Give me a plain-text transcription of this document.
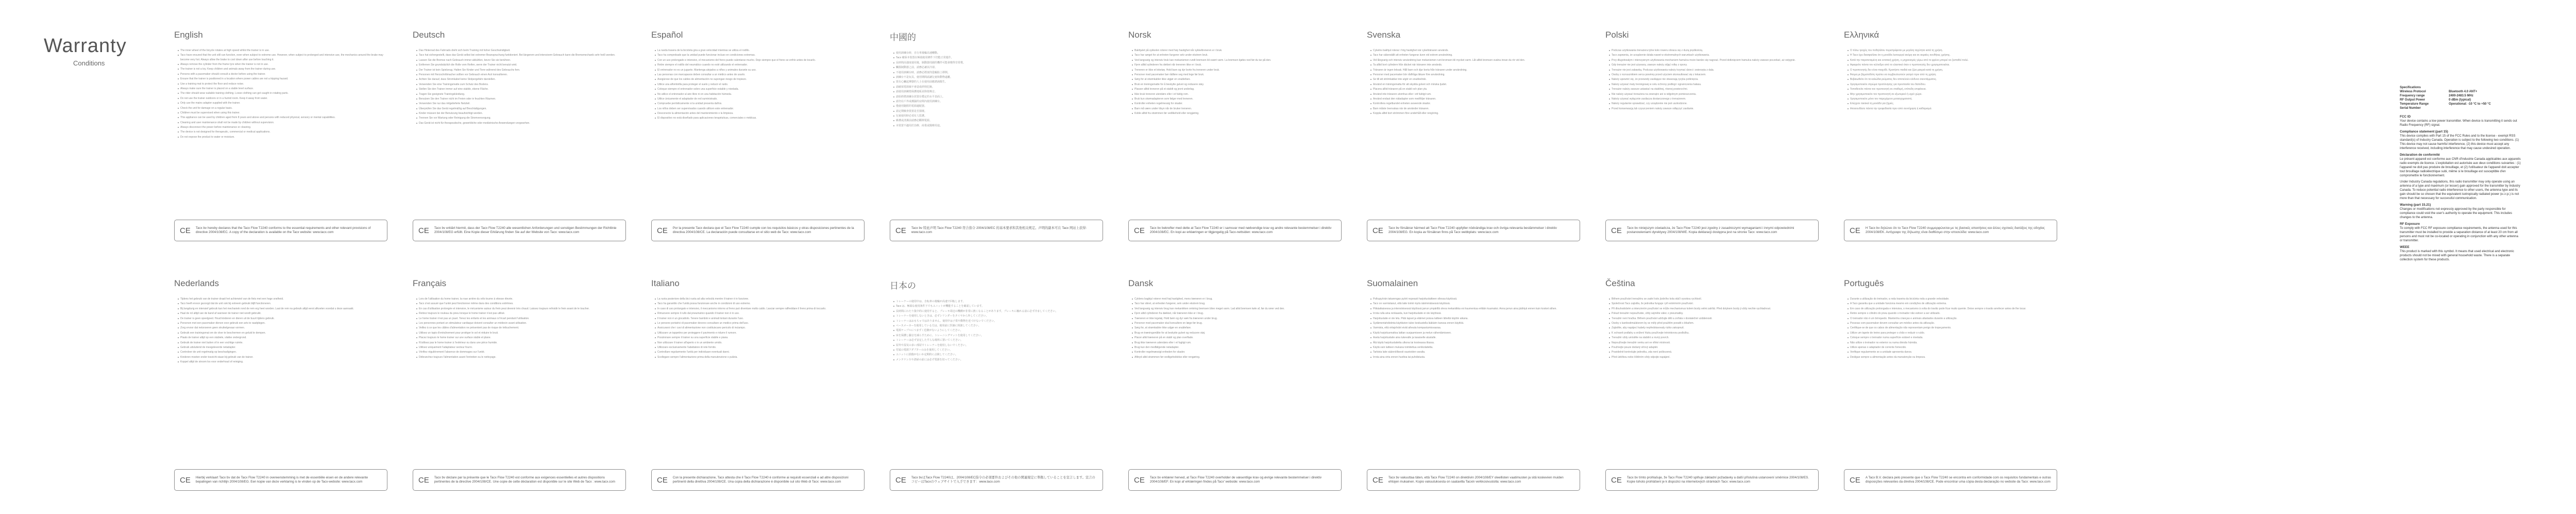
Warranty
Conditions
English
The inner wheel of the bicycle rotates at high speed whilst the trainer is in use.
Tacx have ensured that the unit still can function, even when subject to extreme use. However, when subject to prolonged and intensive use, the mechanics around the brake may become very hot. Always allow the brake to cool down after use before touching it.
Always remove the cylinder from the frame tyre when the trainer is not in use.
The trainer is not a toy. Keep children and animals away from the trainer during use.
Persons with a pacemaker should consult a doctor before using the trainer.
Ensure that the trainer is positioned in a location where power cables are not a tripping hazard.
Use a training mat to protect the floor and reduce noise.
Always make sure the trainer is placed on a stable level surface.
The rider should wear suitable training clothing. Loose clothing can get caught in rotating parts.
Do not use the trainer outdoors or in a humid room. Keep it away from water.
Only use the mains adapter supplied with the trainer.
Check the unit for damage on a regular basis.
Children must be supervised when using this trainer.
This appliance can be used by children aged from 8 years and above and persons with reduced physical, sensory or mental capabilities.
Cleaning and user maintenance shall not be made by children without supervision.
Always disconnect the power before maintenance or cleaning.
The device is not designed for therapeutic, commercial or medical applications.
Do not expose the product to water or moisture.
CE Tacx bv hereby declares that the Tacx Flow T2240 conforms to the essential requirements and other relevant provisions of directive 2004/108/EC. A copy of the declaration is available on the Tacx website: www.tacx.com
Deutsch
Das Hinterrad des Fahrrads dreht sich beim Training mit hoher Geschwindigkeit.
Tacx hat sichergestellt, dass das Gerät selbst bei extremer Beanspruchung funktioniert. Bei längerem und intensivem Gebrauch kann die Bremsmechanik sehr heiß werden.
Lassen Sie die Bremse nach Gebrauch immer abkühlen, bevor Sie sie berühren.
Entfernen Sie grundsätzlich die Rolle vom Reifen, wenn der Trainer nicht benutzt wird.
Der Trainer ist kein Spielzeug. Halten Sie Kinder und Tiere während des Gebrauchs fern.
Personen mit Herzschrittmacher sollten vor Gebrauch einen Arzt konsultieren.
Achten Sie darauf, dass Stromkabel keine Stolpergefahr darstellen.
Verwenden Sie eine Trainingsmatte zum Schutz des Bodens.
Stellen Sie den Trainer immer auf eine stabile, ebene Fläche.
Tragen Sie geeignete Trainingskleidung.
Benutzen Sie den Trainer nicht im Freien oder in feuchten Räumen.
Verwenden Sie nur das mitgelieferte Netzteil.
Überprüfen Sie das Gerät regelmäßig auf Beschädigungen.
Kinder müssen bei der Benutzung beaufsichtigt werden.
Trennen Sie vor Wartung oder Reinigung die Stromversorgung.
Das Gerät ist nicht für therapeutische, gewerbliche oder medizinische Anwendungen vorgesehen.
CE Tacx bv erklärt hiermit, dass der Tacx Flow T2240 alle wesentlichen Anforderungen und sonstigen Bestimmungen der Richtlinie 2004/108/EG erfüllt. Eine Kopie dieser Erklärung finden Sie auf der Website von Tacx: www.tacx.com
Español
La rueda trasera de la bicicleta gira a gran velocidad mientras se utiliza el rodillo.
Tacx ha comprobado que la unidad puede funcionar incluso en condiciones extremas.
Con un uso prolongado e intensivo, el mecanismo del freno puede calentarse mucho. Deje siempre que el freno se enfríe antes de tocarlo.
Retire siempre el rodillo del neumático cuando no esté utilizando el entrenador.
El entrenador no es un juguete. Mantenga alejados a niños y animales durante su uso.
Las personas con marcapasos deben consultar a un médico antes de usarlo.
Asegúrese de que los cables de alimentación no supongan riesgo de tropiezo.
Utilice una alfombrilla para proteger el suelo y reducir el ruido.
Coloque siempre el entrenador sobre una superficie estable y nivelada.
No utilice el entrenador al aire libre ni en una habitación húmeda.
Utilice únicamente el adaptador de red suministrado.
Compruebe periódicamente si la unidad presenta daños.
Los niños deben ser supervisados cuando utilicen este entrenador.
Desconecte la alimentación antes del mantenimiento o la limpieza.
El dispositivo no está diseñado para aplicaciones terapéuticas, comerciales o médicas.
CE Por la presente Tacx declara que el Tacx Flow T2240 cumple con los requisitos básicos y otras disposiciones pertinentes de la directiva 2004/108/CE. La declaración puede consultarse en el sitio web de Tacx: www.tacx.com
中國的
使用訓練台時，自行車後輪高速轉動。
Tacx 確保本裝置在極端使用條件下仍能正常運作。
長時間高強度使用後，制動器周圍的機件可能會變得非常燙。
觸摸制動器之前，請務必讓其冷卻。
不使用訓練台時，請務必將滾筒從輪胎上移開。
訓練台不是玩具。使用期間請讓兒童和動物遠離。
裝有心臟起搏器的人士在使用前應諮詢醫生。
請確保電源線不會造成絆倒危險。
請使用訓練墊保護地板並降低噪音。
請始終將訓練台放置在穩定的水平表面上。
請勿在戶外或潮濕的房間內使用訓練台。
僅使用隨附的電源適配器。
請定期檢查裝置是否損壞。
兒童使用時必須有人監護。
維護或清潔前請務必斷開電源。
本裝置不適用於治療、商業或醫療用途。
CE Tacx bv 特此声明 Tacx Flow T2240 符合指令 2004/108/EC 的基本要求和其他相关规定。声明的副本可在 Tacx 网站上获得：www.tacx.com
Norsk
Bakhjulet på sykkelen roterer med høy hastighet når sykkeltreneren er i bruk.
Tacx har sørget for at enheten fungerer selv under ekstrem bruk.
Ved langvarig og intensiv bruk kan mekanismen rundt bremsen bli svært varm. La bremsen kjøles ned før du tar på den.
Fjern alltid sylinderen fra dekket når treneren ikke er i bruk.
Treneren er ikke et leketøy. Hold barn og dyr borte fra treneren under bruk.
Personer med pacemaker bør rådføre seg med lege før bruk.
Sørg for at strømkabler ikke utgjør en snublefare.
Bruk en treningsmatte for å beskytte gulvet og redusere støy.
Plasser alltid treneren på et stabilt og jevnt underlag.
Ikke bruk treneren utendørs eller i et fuktig rom.
Bruk kun strømadapteren som følger med treneren.
Kontroller enheten regelmessig for skader.
Barn må være under tilsyn når de bruker treneren.
Koble alltid fra strømmen før vedlikehold eller rengjøring.
CE Tacx bv bekrefter med dette at Tacx Flow T2240 er i samsvar med nødvendige krav og andre relevante bestemmelser i direktiv 2004/108/EC. En kopi av erklæringen er tilgjengelig på Tacx-nettsiden: www.tacx.com
Svenska
Cykelns bakhjul roterar i hög hastighet när cykeltränaren används.
Tacx har säkerställt att enheten fungerar även vid extrem användning.
Vid långvarig och intensiv användning kan mekanismen runt bromsen bli mycket varm. Låt alltid bromsen svalna innan du rör vid den.
Ta alltid bort cylindern från däcket när tränaren inte används.
Tränaren är ingen leksak. Håll barn och djur borta från tränaren under användning.
Personer med pacemaker bör rådfråga läkare före användning.
Se till att strömkablar inte utgör en snubbelrisk.
Använd en träningsmatta för att skydda golvet och minska ljudet.
Placera alltid tränaren på en stabil och plan yta.
Använd inte tränaren utomhus eller i ett fuktigt rum.
Använd endast den nätadapter som medföljer tränaren.
Kontrollera regelbundet enheten avseende skador.
Barn måste övervakas när de använder tränaren.
Koppla alltid bort strömmen före underhåll eller rengöring.
CE Tacx bv försäkrar härmed att Tacx Flow T2240 uppfyller nödvändiga krav och övriga relevanta bestämmelser i direktiv 2004/108/EG. En kopia av försäkran finns på Tacx webbplats: www.tacx.com
Polski
Podczas użytkowania trenażera tylne koło roweru obraca się z dużą prędkością.
Tacx zapewnia, że urządzenie działa nawet w ekstremalnych warunkach użytkowania.
Przy długotrwałym i intensywnym użytkowaniu mechanizm hamulca może bardzo się nagrzać. Przed dotknięciem hamulca należy zawsze poczekać, aż ostygnie.
Gdy trenażer nie jest używany, zawsze należy zdjąć rolkę z opony.
Trenażer nie jest zabawką. Podczas użytkowania należy trzymać dzieci i zwierzęta z dala.
Osoby z rozrusznikiem serca powinny przed użyciem skonsultować się z lekarzem.
Należy upewnić się, że przewody zasilające nie stwarzają ryzyka potknięcia.
Należy używać maty treningowej w celu ochrony podłogi i ograniczenia hałasu.
Trenażer należy zawsze ustawiać na stabilnej, równej powierzchni.
Nie należy używać trenażera na zewnątrz ani w wilgotnym pomieszczeniu.
Należy używać wyłącznie zasilacza dostarczonego z trenażerem.
Należy regularnie sprawdzać, czy urządzenie nie jest uszkodzone.
Przed konserwacją lub czyszczeniem należy zawsze odłączyć zasilanie.
CE Tacx bv niniejszym oświadcza, że Tacx Flow T2240 jest zgodny z zasadniczymi wymaganiami i innymi odpowiednimi postanowieniami dyrektywy 2004/108/WE. Kopia deklaracji dostępna jest na stronie Tacx: www.tacx.com
Ελληνικά
Ο πίσω τροχός του ποδηλάτου περιστρέφεται με μεγάλη ταχύτητα κατά τη χρήση.
Η Tacx έχει διασφαλίσει ότι η μονάδα λειτουργεί ακόμη και σε ακραίες συνθήκες χρήσης.
Κατά την παρατεταμένη και εντατική χρήση, ο μηχανισμός γύρω από το φρένο μπορεί να ζεσταθεί πολύ.
Αφαιρείτε πάντα τον κύλινδρο από το ελαστικό όταν ο προπονητής δεν χρησιμοποιείται.
Ο προπονητής δεν είναι παιχνίδι. Κρατήστε παιδιά και ζώα μακριά κατά τη χρήση.
Άτομα με βηματοδότη πρέπει να συμβουλευτούν γιατρό πριν από τη χρήση.
Βεβαιωθείτε ότι τα καλώδια ρεύματος δεν αποτελούν κίνδυνο σκοντάμματος.
Χρησιμοποιείτε στρώμα προπόνησης για προστασία του δαπέδου.
Τοποθετείτε πάντα τον προπονητή σε σταθερή, επίπεδη επιφάνεια.
Μην χρησιμοποιείτε τον προπονητή σε εξωτερικό ή υγρό χώρο.
Χρησιμοποιείτε μόνο τον παρεχόμενο μετασχηματιστή.
Ελέγχετε τακτικά τη μονάδα για ζημιές.
Αποσυνδέετε πάντα την τροφοδοσία πριν από συντήρηση ή καθαρισμό.
CE Η Tacx bv δηλώνει ότι το Tacx Flow T2240 συμμορφώνεται με τις βασικές απαιτήσεις και άλλες σχετικές διατάξεις της οδηγίας 2004/108/ΕΚ. Αντίγραφο της δήλωσης είναι διαθέσιμο στην ιστοσελίδα: www.tacx.com
Nederlands
Tijdens het gebruik van de trainer draait het achterwiel van de fiets met een hoge snelheid.
Tacx heeft ervoor gezorgd dat de unit ook bij extreem gebruik blijft functioneren.
Bij langdurig en intensief gebruik kan het mechaniek rond de rem erg heet worden. Laat de rem na gebruik altijd eerst afkoelen voordat u deze aanraakt.
Haal de rol altijd van de band af wanneer de trainer niet wordt gebruikt.
De trainer is geen speelgoed. Houd kinderen en dieren uit de buurt tijdens gebruik.
Personen met een pacemaker dienen voor gebruik een arts te raadplegen.
Zorg ervoor dat netsnoeren geen struikelgevaar vormen.
Gebruik een trainingsmat om de vloer te beschermen en geluid te dempen.
Plaats de trainer altijd op een stabiele, vlakke ondergrond.
Gebruik de trainer niet buiten of in een vochtige ruimte.
Gebruik uitsluitend de meegeleverde netadapter.
Controleer de unit regelmatig op beschadigingen.
Kinderen moeten onder toezicht staan bij gebruik van de trainer.
Koppel altijd de stroom los voor onderhoud of reiniging.
CE Hierbij verklaart Tacx bv dat de Tacx Flow T2240 in overeenstemming is met de essentiële eisen en de andere relevante bepalingen van richtlijn 2004/108/EG. Een kopie van deze verklaring is te vinden op de Tacx-website: www.tacx.com
Français
Lors de l'utilisation du home trainer, la roue arrière du vélo tourne à vitesse élevée.
Tacx s'est assuré que l'unité peut fonctionner même dans des conditions extrêmes.
En cas d'utilisation prolongée et intensive, le mécanisme autour du frein peut devenir très chaud. Laissez toujours refroidir le frein avant de le toucher.
Retirez toujours le rouleau du pneu lorsque le home trainer n'est pas utilisé.
Le home trainer n'est pas un jouet. Tenez les enfants et les animaux à l'écart pendant l'utilisation.
Les personnes portant un stimulateur cardiaque doivent consulter un médecin avant utilisation.
Veillez à ce que les câbles d'alimentation ne présentent pas de risque de trébuchement.
Utilisez un tapis d'entraînement pour protéger le sol et réduire le bruit.
Placez toujours le home trainer sur une surface stable et plane.
N'utilisez pas le home trainer à l'extérieur ou dans une pièce humide.
Utilisez uniquement l'adaptateur secteur fourni.
Vérifiez régulièrement l'absence de dommages sur l'unité.
Débranchez toujours l'alimentation avant l'entretien ou le nettoyage.
CE Tacx bv déclare par la présente que le Tacx Flow T2240 est conforme aux exigences essentielles et autres dispositions pertinentes de la directive 2004/108/CE. Une copie de cette déclaration est disponible sur le site Web de Tacx : www.tacx.com
Italiano
La ruota posteriore della bici ruota ad alta velocità mentre il trainer è in funzione.
Tacx ha garantito che l'unità possa funzionare anche in condizioni di uso estremo.
In caso di uso prolungato e intensivo, il meccanismo intorno al freno può diventare molto caldo. Lasciar sempre raffreddare il freno prima di toccarlo.
Rimuovere sempre il rullo dal pneumatico quando il trainer non è in uso.
Il trainer non è un giocattolo. Tenere bambini e animali lontani durante l'uso.
Le persone portatrici di pacemaker devono consultare un medico prima dell'uso.
Assicurarsi che i cavi di alimentazione non costituiscano pericolo di inciampo.
Utilizzare un tappetino per proteggere il pavimento e ridurre il rumore.
Posizionare sempre il trainer su una superficie stabile e piana.
Non utilizzare il trainer all'aperto o in un ambiente umido.
Utilizzare esclusivamente l'adattatore di rete fornito.
Controllare regolarmente l'unità per individuare eventuali danni.
Scollegare sempre l'alimentazione prima della manutenzione o pulizia.
CE Con la presente dichiarazione, Tacx attesta che il Tacx Flow T2240 è conforme ai requisiti essenziali e ad altre disposizioni pertinenti della direttiva 2004/108/CE. Una copia della dichiarazione è disponibile sul sito Web di Tacx: www.tacx.com
日本の
トレーナーの使用中は、自転車の後輪が高速で回転します。
Tacx は、極端な使用条件下でもユニットが機能することを確認しています。
長時間にわたり集中的に使用すると、ブレーキ周辺の機構が非常に熱くなることがあります。ブレーキに触れる前に必ず冷ましてください。
トレーナーを使用しないときは、必ずシリンダーをタイヤから外してください。
トレーナーはおもちゃではありません。使用中は子供や動物を近づけないでください。
ペースメーカーを使用している方は、使用前に医師に相談してください。
電源ケーブルにつまずく危険がないようにしてください。
床を保護し騒音を減らすために、トレーニングマットを使用してください。
トレーナーは必ず安定した平らな場所に置いてください。
屋外や湿気の多い部屋でトレーナーを使用しないでください。
付属の電源アダプターのみを使用してください。
ユニットに損傷がないか定期的に点検してください。
メンテナンスや清掃の前には必ず電源を切ってください。
CE Tacx bvはTacx Flow T2240は、2004/108/EC指令の必須要件およびその他の関連規定に準拠していることを宣言します。宣言のコピーはTacxのウェブサイトで入手できます：www.tacx.com
Dansk
Cyklens baghjul roterer med høj hastighed, mens træneren er i brug.
Tacx har sikret, at enheden fungerer, selv under ekstrem brug.
Ved langvarig og intensiv brug kan mekanikken omkring bremsen blive meget varm. Lad altid bremsen køle af, før du rører ved den.
Fjern altid cylinderen fra dækket, når træneren ikke er i brug.
Træneren er ikke legetøj. Hold børn og dyr væk fra træneren under brug.
Personer med pacemaker skal konsultere en læge før brug.
Sørg for, at strømkabler ikke udgør en snublefare.
Brug en træningsmåtte for at beskytte gulvet og reducere støj.
Placer altid træneren på en stabil og plan overflade.
Brug ikke træneren udendørs eller i et fugtigt rum.
Brug kun den medfølgende netadapter.
Kontroller regelmæssigt enheden for skader.
Afbryd altid strømmen før vedligeholdelse eller rengøring.
CE Tacx bv erklærer herved, at Tacx Flow T2240 overholder de væsentlige krav og øvrige relevante bestemmelser i direktiv 2004/108/EF. En kopi af erklæringen findes på Tacx' webside: www.tacx.com
Suomalainen
Polkupyörän takarengas pyörii nopeasti harjoituslaitteen ollessa käytössä.
Tacx on varmistanut, että laite toimii myös äärimmäisessä käytössä.
Pitkäaikaisessa ja intensiivisessä käytössä jarrun ympärillä oleva mekaniikka voi kuumentua erittäin kuumaksi. Anna jarrun aina jäähtyä ennen kuin kosket siihen.
Irrota rulla aina renkaasta, kun harjoituslaite ei ole käytössä.
Harjoituslaite ei ole lelu. Pidä lapset ja eläimet poissa laitteen läheltä käytön aikana.
Sydämentahdistinta käyttävien tulee keskustella lääkärin kanssa ennen käyttöä.
Varmista, että virtajohdot eivät aiheuta kompastumisvaaraa.
Käytä harjoitusmattoa lattian suojaamiseen ja melun vähentämiseen.
Aseta harjoituslaite aina tukevalle ja tasaiselle alustalle.
Älä käytä harjoituslaitetta ulkona tai kosteassa tilassa.
Käytä vain laitteen mukana toimitettua verkkolaitetta.
Tarkista laite säännöllisesti vaurioiden varalta.
Irrota aina virta ennen huoltoa tai puhdistusta.
CE Tacx bv vakuuttaa täten, että Tacx Flow T2240 on direktiivin 2004/108/EY oleellisten vaatimusten ja sitä koskevien muiden ehtojen mukainen. Kopio vakuutuksesta on saatavilla Tacxin verkkosivustolla: www.tacx.com
Čeština
Během používání trenažéru se zadní kolo jízdního kola otáčí vysokou rychlostí.
Společnost Tacx zajistila, že jednotka funguje i při extrémním používání.
Při dlouhodobém a intenzivním používání se může mechanismus kolem brzdy velmi zahřát. Před dotykem brzdy ji vždy nechte vychladnout.
Pokud trenažér nepoužíváte, vždy sejměte válec z pneumatiky.
Trenažér není hračka. Během používání udržujte děti a zvířata v dostatečné vzdálenosti.
Osoby s kardiostimulátorem by se měly před použitím poradit s lékařem.
Zajistěte, aby napájecí kabely nepředstavovaly riziko zakopnutí.
K ochraně podlahy a snížení hluku používejte tréninkovou podložku.
Trenažér vždy umístěte na stabilní a rovný povrch.
Nepoužívejte trenažér venku ani ve vlhké místnosti.
Používejte pouze dodaný síťový adaptér.
Pravidelně kontrolujte jednotku, zda není poškozená.
Před údržbou nebo čištěním vždy odpojte napájení.
CE Tacx bv tímto prohlašuje, že Tacx Flow T2240 splňuje základní požadavky a další příslušná ustanovení směrnice 2004/108/ES. Kopie tohoto prohlášení je k dispozici na internetových stránkách Tacx: www.tacx.com
Português
Durante a utilização do treinador, a roda traseira da bicicleta roda a grande velocidade.
A Tacx garantiu que a unidade funciona mesmo em condições de utilização extrema.
Em caso de utilização prolongada e intensiva, o mecanismo à volta do travão pode ficar muito quente. Deixe sempre o travão arrefecer antes de lhe tocar.
Retire sempre o cilindro do pneu quando o treinador não estiver a ser utilizado.
O treinador não é um brinquedo. Mantenha crianças e animais afastados durante a utilização.
Pessoas com pacemaker devem consultar um médico antes da utilização.
Certifique-se de que os cabos de alimentação não representam perigo de tropeçamento.
Utilize um tapete de treino para proteger o chão e reduzir o ruído.
Coloque sempre o treinador numa superfície estável e nivelada.
Não utilize o treinador no exterior ou numa divisão húmida.
Utilize apenas o adaptador de corrente fornecido.
Verifique regularmente se a unidade apresenta danos.
Desligue sempre a alimentação antes da manutenção ou limpeza.
CE A Tacx B.V. declara pelo presente que o Tacx Flow T2240 se encontra em conformidade com os requisitos fundamentais e outras disposições relevantes da diretiva 2004/108/CE. Pode encontrar uma cópia desta declaração no website da Tacx: www.tacx.com
Specifications
Wireless Protocol	Bluetooth 4.0 ANT+
Frequency range	2400-2483.5 MHz
RF Output Power	0 dBm (typical)
Temperature Range	Operational: -10 °C to +50 °C
Serial Number
FCC ID

Your device contains a low power transmitter. When device is transmitting it sends out Radio Frequency (RF) signal.

Compliance statement (part 15)

This device complies with Part 15 of the FCC Rules and to the license - exempt RSS standard(s) of Industry Canada. Operation is subject to the following two conditions. (1) This device may not cause harmful interference, (2) this device must accept any interference received, including interference that may cause undesired operation.

Déclaration de conformité

Le présent appareil est conforme aux CNR d'Industrie Canada applicables aux appareils radio exempts de licence. L'exploitation est autorisée aux deux conditions suivantes : (1) l'appareil ne doit pas produire de brouillage, et (2) l'utilisateur de l'appareil doit accepter tout brouillage radioélectrique subi, même si le brouillage est susceptible d'en compromettre le fonctionnement.

Under Industry Canada regulations, this radio transmitter may only operate using an antenna of a type and maximum (or lesser) gain approved for the transmitter by Industry Canada. To reduce potential radio interference to other users, the antenna type and its gain should be so chosen that the equivalent isotropically radiated power (e.i.r.p.) is not more than that necessary for successful communication.

Warning (part 15.21)

Changes or modifications not expressly approved by the party responsible for compliance could void the user's authority to operate the equipment. This includes changes to the antenna.

RF Exposure

To comply with FCC RF exposure compliance requirements, the antenna used for this transmitter must be installed to provide a separation distance of at least 20 cm from all persons and must not be co-located or operating in conjunction with any other antenna or transmitter.

WEEE

This product is marked with this symbol. It means that used electrical and electronic products should not be mixed with general household waste. There is a separate collection system for these products.
